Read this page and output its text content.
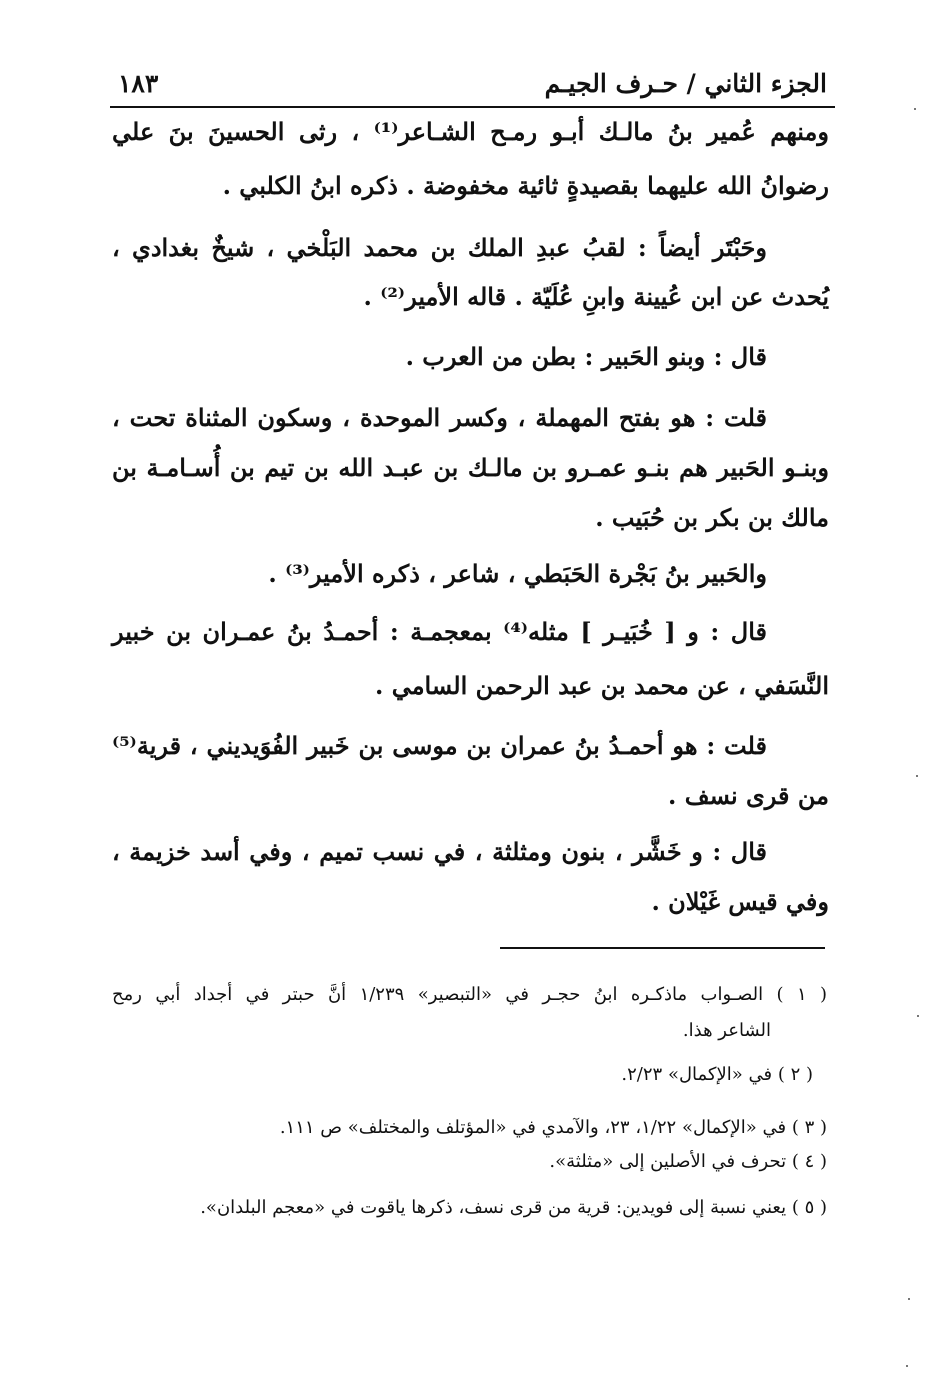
الجزء الثاني / حـرف الجيـم
١٨٣
ومنهم عُمير بنُ مالـك أبـو رمـح الشـاعر⁽¹⁾ ، رثى الحسينَ بنَ علي
رضوانُ الله عليهما بقصيدةٍ ثائية مخفوضة . ذكره ابنُ الكلبي .
وحَبْتَر أيضاً : لقبُ عبدِ الملك بن محمد البَلْخي ، شيخٌ بغدادي ،
يُحدث عن ابن عُيينة وابنِ عُلَيّة . قاله الأمير⁽²⁾ .
قال : وبنو الحَبير : بطن من العرب .
قلت : هو بفتح المهملة ، وكسر الموحدة ، وسكون المثناة تحت ،
وبنـو الحَبير هم بنـو عمـرو بن مالـك بن عبـد الله بن تيم بن أُسـامـة بن
مالك بن بكر بن حُبَيب .
والحَبير بنُ بَجْرة الحَبَطي ، شاعر ، ذكره الأمير⁽³⁾ .
قال : و [ خُبَيـر ] مثله⁽⁴⁾ بمعجمـة : أحمـدُ بنُ عمـران بن خبير
النَّسَفي ، عن محمد بن عبد الرحمن السامي .
قلت : هو أحمـدُ بنُ عمران بن موسى بن خَبير الفُوَيديني ، قرية⁽⁵⁾
من قرى نسف .
قال : و خَشَّر ، بنون ومثلثة ، في نسب تميم ، وفي أسد خزيمة ،
وفي قيس غَيْلان .
( ١ ) الصـواب ماذكـره ابنُ حجـر في «التبصير» ١/٢٣٩ أنَّ حبتر في أجداد أبي رمح
الشاعر هذا.
( ٢ ) في «الإكمال» ٢/٢٣.
( ٣ ) في «الإكمال» ١/٢٢، ٢٣، والآمدي في «المؤتلف والمختلف» ص ١١١.
( ٤ ) تحرف في الأصلين إلى «مثلثة».
( ٥ ) يعني نسبة إلى فويدين: قرية من قرى نسف، ذكرها ياقوت في «معجم البلدان».
